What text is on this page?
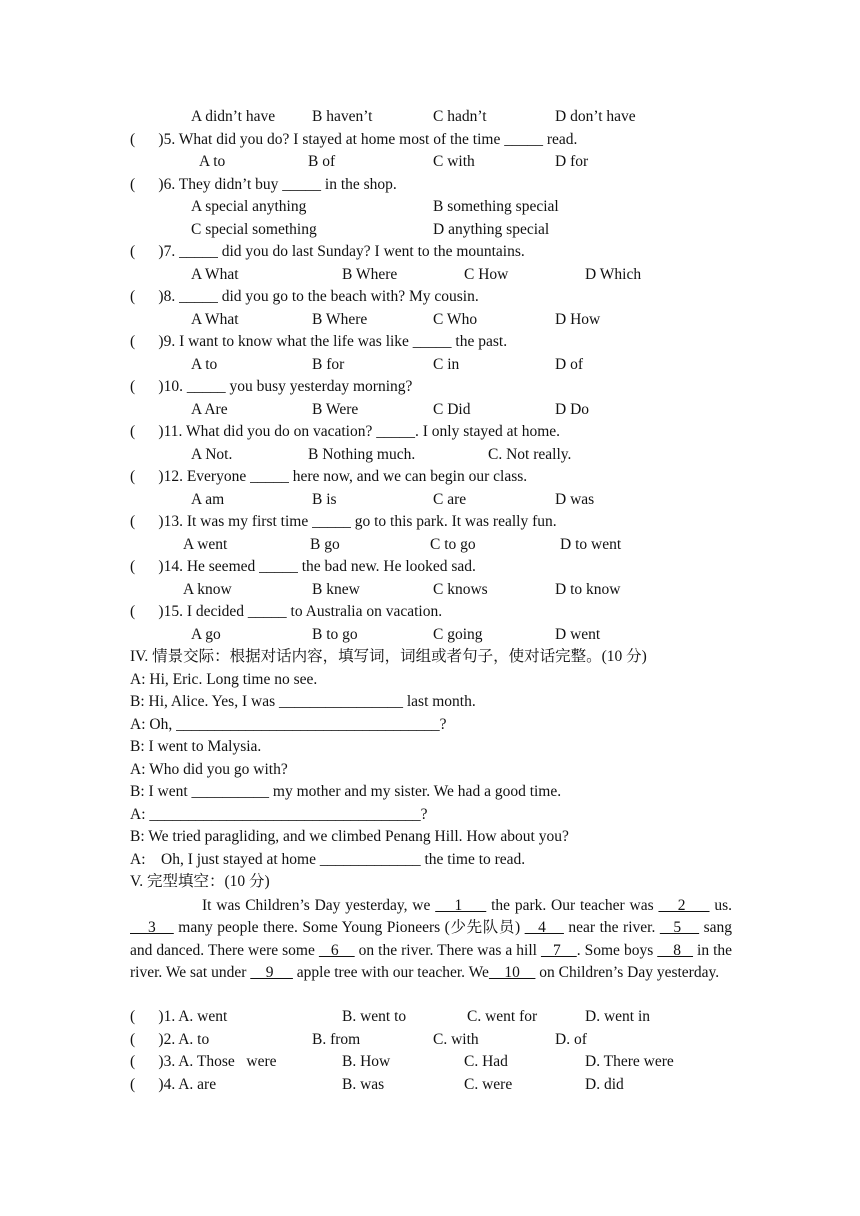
A didn’t have B haven’t	C hadn’t	D don’t have
(      )5. What did you do? I stayed at home most of the time _____ read.
A to	B of	C with	D for
(      )6. They didn’t buy _____ in the shop.
A special anything	B something special
C special something	D anything special
(      )7. _____ did you do last Sunday? I went to the mountains.
A What	B Where	C How	D Which
(      )8. _____ did you go to the beach with? My cousin.
A What	B Where	C Who	D How
(      )9. I want to know what the life was like _____ the past.
A to	B for	C in	D of
(      )10. _____ you busy yesterday morning?
A Are	B Were	C Did	D Do
(      )11. What did you do on vacation? _____. I only stayed at home.
A Not.	B Nothing much.	C. Not really.
(      )12. Everyone _____ here now, and we can begin our class.
A am	B is	C are	D was
(      )13. It was my first time _____ go to this park. It was really fun.
A went	B go	C to go	D to went
(      )14. He seemed _____ the bad new. He looked sad.
A know	B knew	C knows	D to know
(      )15. I decided _____ to Australia on vacation.
A go	B to go	C going	D went
IV. 情景交际：根据对话内容，填写词，词组或者句子，使对话完整。(10 分)
A: Hi, Eric. Long time no see.
B: Hi, Alice. Yes, I was ________________ last month.
A: Oh, __________________________________?
B: I went to Malysia.
A: Who did you go with?
B: I went __________ my mother and my sister. We had a good time.
A: ___________________________________?
B: We tried paragliding, and we climbed Penang Hill. How about you?
A:    Oh, I just stayed at home _____________ the time to read.
V. 完型填空：(10 分)
It was Children’s Day yesterday, we     1      the park. Our teacher was     2      us.     3     many people there. Some Young Pioneers (少先队员)    4     near the river.    5     sang and danced. There were some    6     on the river. There was a hill    7    . Some boys     8    in the river. We sat under     9      apple tree with our teacher. We    10     on Children’s Day yesterday.
(      )1. A. went	B. went to	C. went for	D. went in
(      )2. A. to	B. from	C. with	D. of
(      )3. A. Those   were	B. How	C. Had	D. There were
(      )4. A. are	B. was	C. were	D. did
